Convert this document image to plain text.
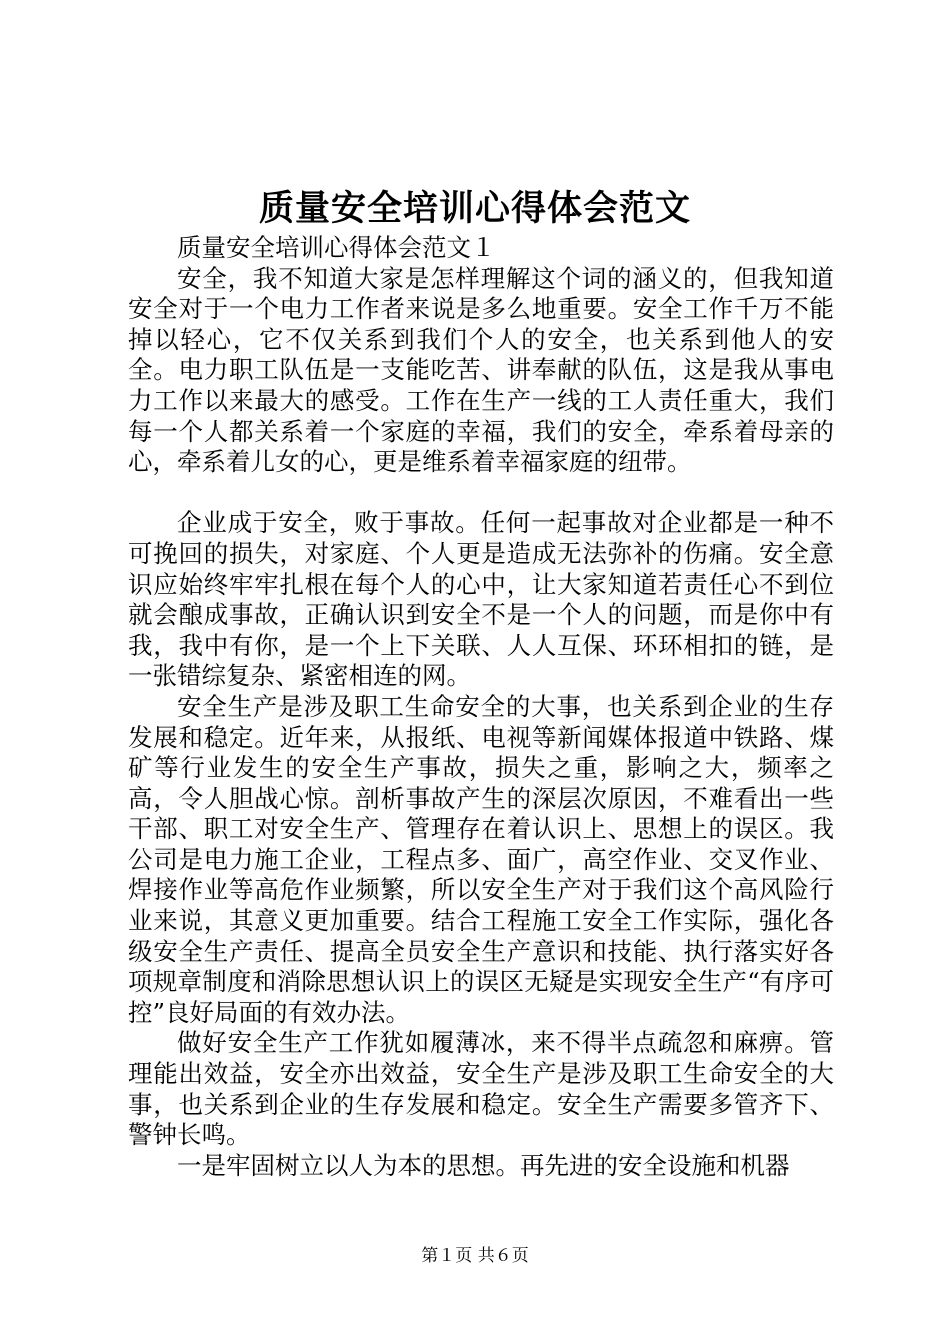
质量安全培训心得体会范文

质量安全培训心得体会范文１

安全，我不知道大家是怎样理解这个词的涵义的，但我知道安全对于一个电力工作者来说是多么地重要。安全工作千万不能掉以轻心，它不仅关系到我们个人的安全，也关系到他人的安全。电力职工队伍是一支能吃苦、讲奉献的队伍，这是我从事电力工作以来最大的感受。工作在生产一线的工人责任重大，我们每一个人都关系着一个家庭的幸福，我们的安全，牵系着母亲的心，牵系着儿女的心，更是维系着幸福家庭的纽带。

企业成于安全，败于事故。任何一起事故对企业都是一种不可挽回的损失，对家庭、个人更是造成无法弥补的伤痛。安全意识应始终牢牢扎根在每个人的心中，让大家知道若责任心不到位就会酿成事故，正确认识到安全不是一个人的问题，而是你中有我，我中有你，是一个上下关联、人人互保、环环相扣的链，是一张错综复杂、紧密相连的网。

安全生产是涉及职工生命安全的大事，也关系到企业的生存发展和稳定。近年来，从报纸、电视等新闻媒体报道中铁路、煤矿等行业发生的安全生产事故，损失之重，影响之大，频率之高，令人胆战心惊。剖析事故产生的深层次原因，不难看出一些干部、职工对安全生产、管理存在着认识上、思想上的误区。我公司是电力施工企业，工程点多、面广，高空作业、交叉作业、焊接作业等高危作业频繁，所以安全生产对于我们这个高风险行业来说，其意义更加重要。结合工程施工安全工作实际，强化各级安全生产责任、提高全员安全生产意识和技能、执行落实好各项规章制度和消除思想认识上的误区无疑是实现安全生产“有序可控”良好局面的有效办法。

做好安全生产工作犹如履薄冰，来不得半点疏忽和麻痹。管理能出效益，安全亦出效益，安全生产是涉及职工生命安全的大事，也关系到企业的生存发展和稳定。安全生产需要多管齐下、警钟长鸣。

一是牢固树立以人为本的思想。再先进的安全设施和机器

第１页 共６页
